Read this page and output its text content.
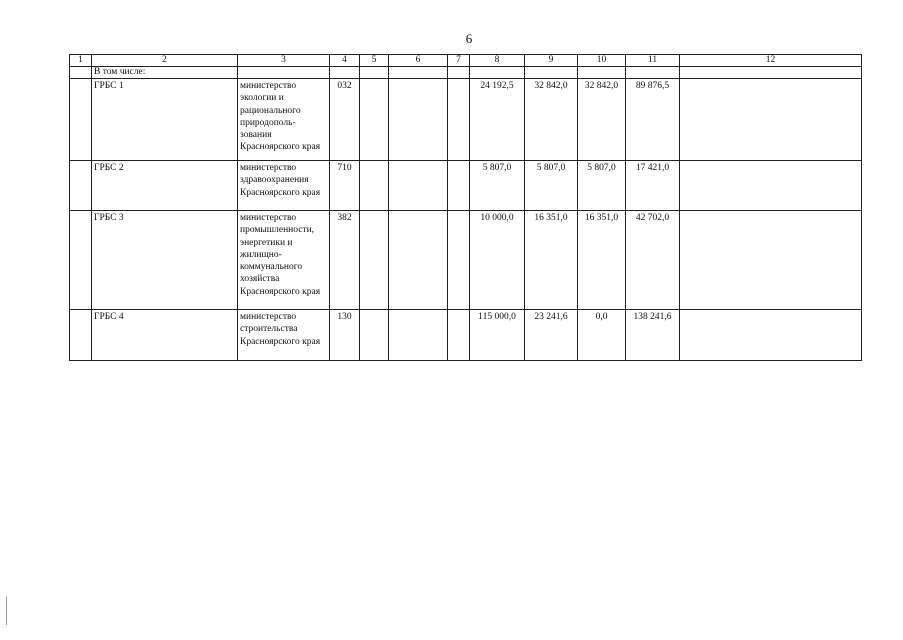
6
1	2	3	4	5	6	7	8	9	10	11	12
	В том числе:										
	ГРБС 1	министерство экологии и рационального природополь-зования Красноярского края	032				24 192,5	32 842,0	32 842,0	89 876,5	
	ГРБС 2	министерство здравоохранения Красноярского края	710				5 807,0	5 807,0	5 807,0	17 421,0	
	ГРБС 3	министерство промышленности, энергетики и жилищно-коммунального хозяйства Красноярского края	382				10 000,0	16 351,0	16 351,0	42 702,0	
	ГРБС 4	министерство строительства Красноярского края	130				115 000,0	23 241,6	0,0	138 241,6	
